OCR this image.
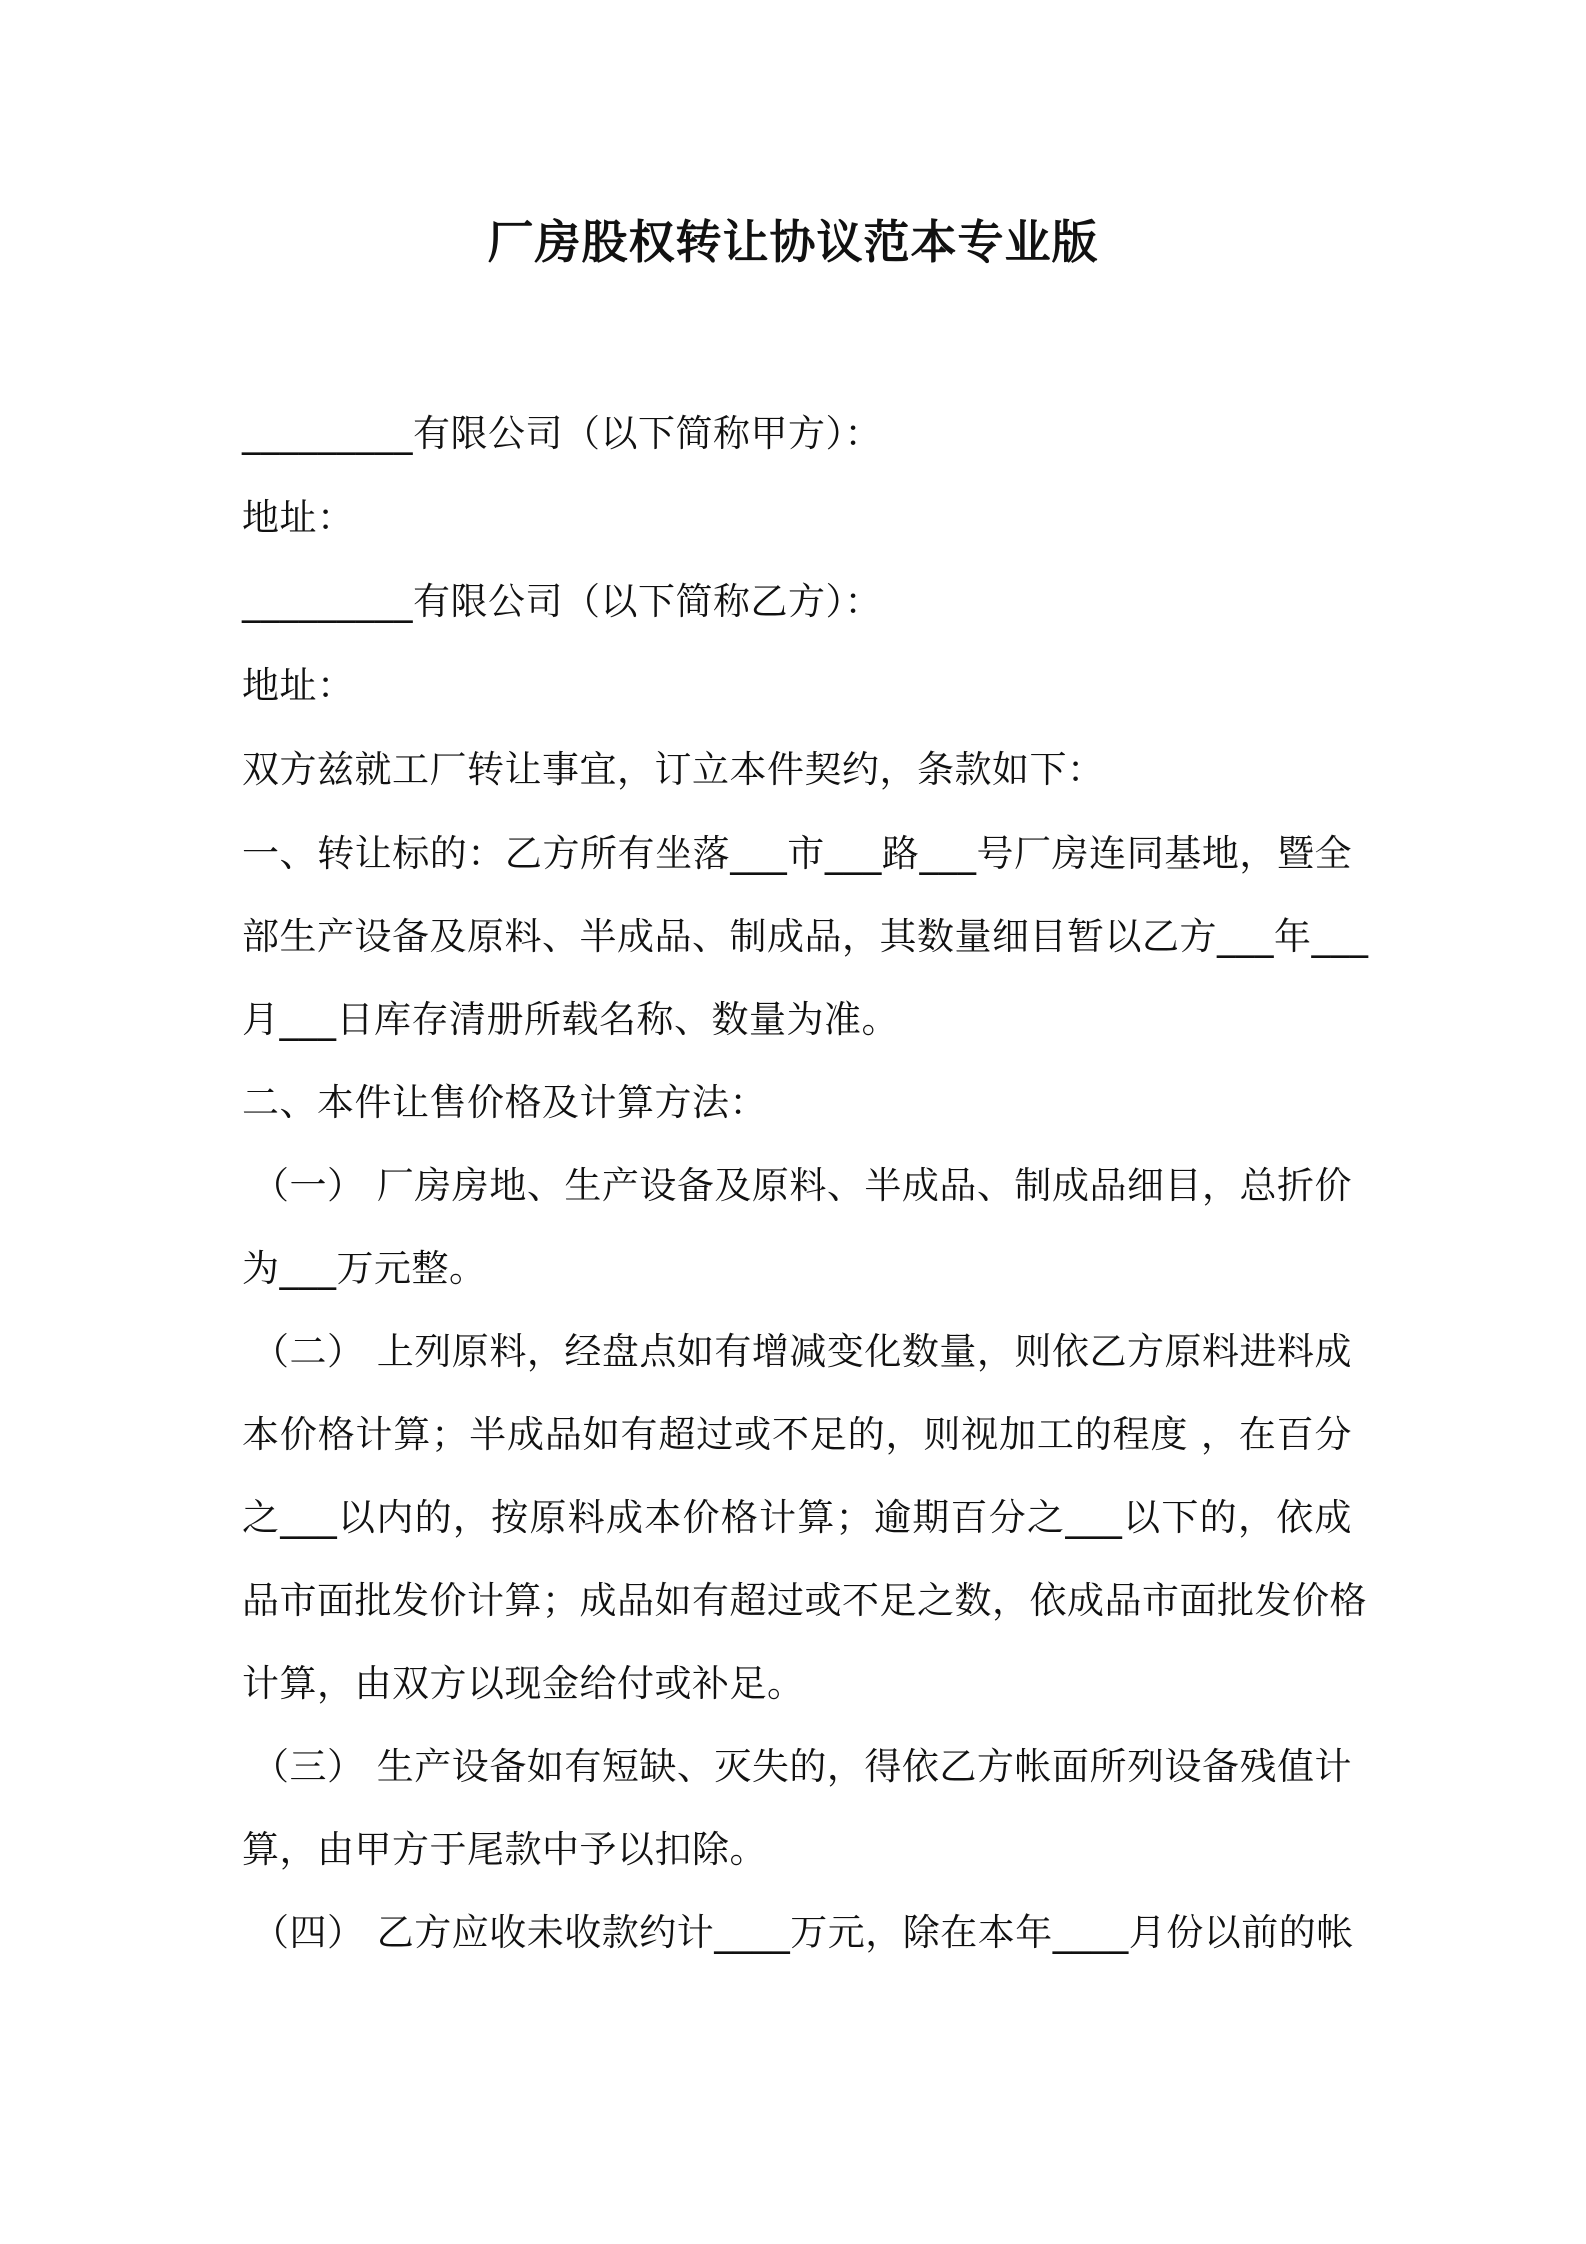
厂房股权转让协议范本专业版
_________有限公司（以下简称甲方）：
地址：
_________有限公司（以下简称乙方）：
地址：
双方兹就工厂转让事宜，订立本件契约，条款如下：
一、转让标的：乙方所有坐落___市___路___号厂房连同基地，暨全
部生产设备及原料、半成品、制成品，其数量细目暂以乙方___年___
月___日库存清册所载名称、数量为准。
二、本件让售价格及计算方法：
（一） 厂房房地、生产设备及原料、半成品、制成品细目，总折价
为___万元整。
（二） 上列原料，经盘点如有增减变化数量，则依乙方原料进料成
本价格计算；半成品如有超过或不足的，则视加工的程度 ，在百分
之___以内的，按原料成本价格计算；逾期百分之___以下的，依成
品市面批发价计算；成品如有超过或不足之数，依成品市面批发价格
计算，由双方以现金给付或补足。
（三） 生产设备如有短缺、灭失的，得依乙方帐面所列设备残值计
算，由甲方于尾款中予以扣除。
（四） 乙方应收未收款约计____万元，除在本年____月份以前的帐
